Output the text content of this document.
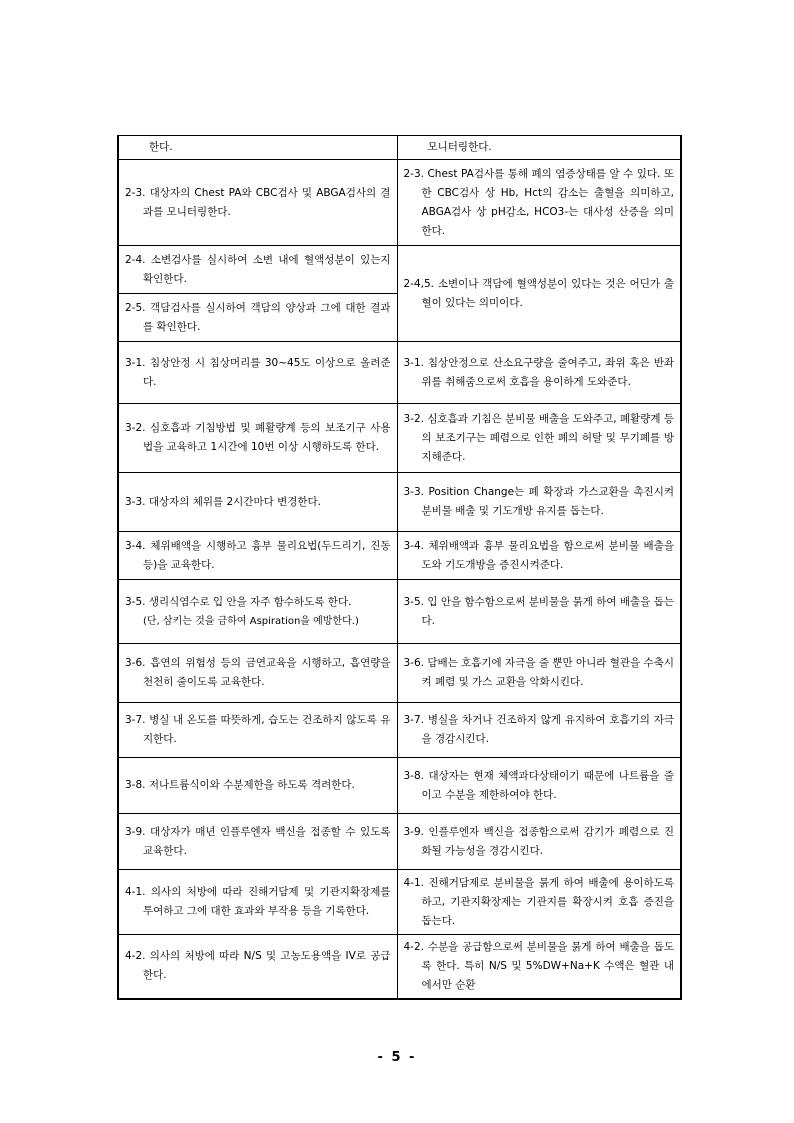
한다.	모니터링한다.

2-3. 대상자의 Chest PA와 CBC검사 및 ABGA검사의 결과를 모니터링한다.	2-3. Chest PA검사를 통해 폐의 염증상태를 알 수 있다. 또한 CBC검사 상 Hb, Hct의 감소는 출혈을 의미하고, ABGA검사 상 pH감소, HCO3-는 대사성 산증을 의미한다.

2-4. 소변검사를 실시하여 소변 내에 혈액성분이 있는지 확인한다.	2-4,5. 소변이나 객담에 혈액성분이 있다는 것은 어딘가 출혈이 있다는 의미이다.

2-5. 객담검사를 실시하여 객담의 양상과 그에 대한 결과를 확인한다.	

3-1. 침상안정 시 침상머리를 30~45도 이상으로 올려준다.	3-1. 침상안정으로 산소요구량을 줄여주고, 좌위 혹은 반좌위를 취해줌으로써 호흡을 용이하게 도와준다.

3-2. 심호흡과 기침방법 및 폐활량계 등의 보조기구 사용법을 교육하고 1시간에 10번 이상 시행하도록 한다.	3-2. 심호흡과 기침은 분비물 배출을 도와주고, 폐활량계 등의 보조기구는 폐렴으로 인한 폐의 허탈 및 무기폐를 방지해준다.

3-3. 대상자의 체위를 2시간마다 변경한다.	3-3. Position Change는 폐 확장과 가스교환을 촉진시켜 분비물 배출 및 기도개방 유지를 돕는다.

3-4. 체위배액을 시행하고 흉부 물리요법(두드리기, 진동 등)을 교육한다.	3-4. 체위배액과 흉부 물리요법을 함으로써 분비물 배출을 도와 기도개방을 증진시켜준다.

3-5. 생리식염수로 입 안을 자주 함수하도록 한다.
(단, 삼키는 것을 금하여 Aspiration을 예방한다.)	3-5. 입 안을 함수함으로써 분비물을 묽게 하여 배출을 돕는다.

3-6. 흡연의 위험성 등의 금연교육을 시행하고, 흡연량을 천천히 줄이도록 교육한다.	3-6. 담배는 호흡기에 자극을 줄 뿐만 아니라 혈관을 수축시켜 폐렴 및 가스 교환을 악화시킨다.

3-7. 병실 내 온도를 따뜻하게, 습도는 건조하지 않도록 유지한다.	3-7. 병실을 차거나 건조하지 않게 유지하여 호흡기의 자극을 경감시킨다.

3-8. 저나트륨식이와 수분제한을 하도록 격려한다.	3-8. 대상자는 현재 체액과다상태이기 때문에 나트륨을 줄이고 수분을 제한하여야 한다.

3-9. 대상자가 매년 인플루엔자 백신을 접종할 수 있도록 교육한다.	3-9. 인플루엔자 백신을 접종함으로써 감기가 폐렴으로 진화될 가능성을 경감시킨다.

4-1. 의사의 처방에 따라 진해거담제 및 기관지확장제를 투여하고 그에 대한 효과와 부작용 등을 기록한다.	4-1. 진해거담제로 분비물을 묽게 하여 배출에 용이하도록 하고, 기관지확장제는 기관지를 확장시켜 호흡 증진을 돕는다.

4-2. 의사의 처방에 따라 N/S 및 고농도용액을 IV로 공급한다.	4-2. 수분을 공급함으로써 분비물을 묽게 하여 배출을 돕도록 한다. 특히 N/S 및 5%DW+Na+K 수액은 혈관 내에서만 순환
- 5 -
